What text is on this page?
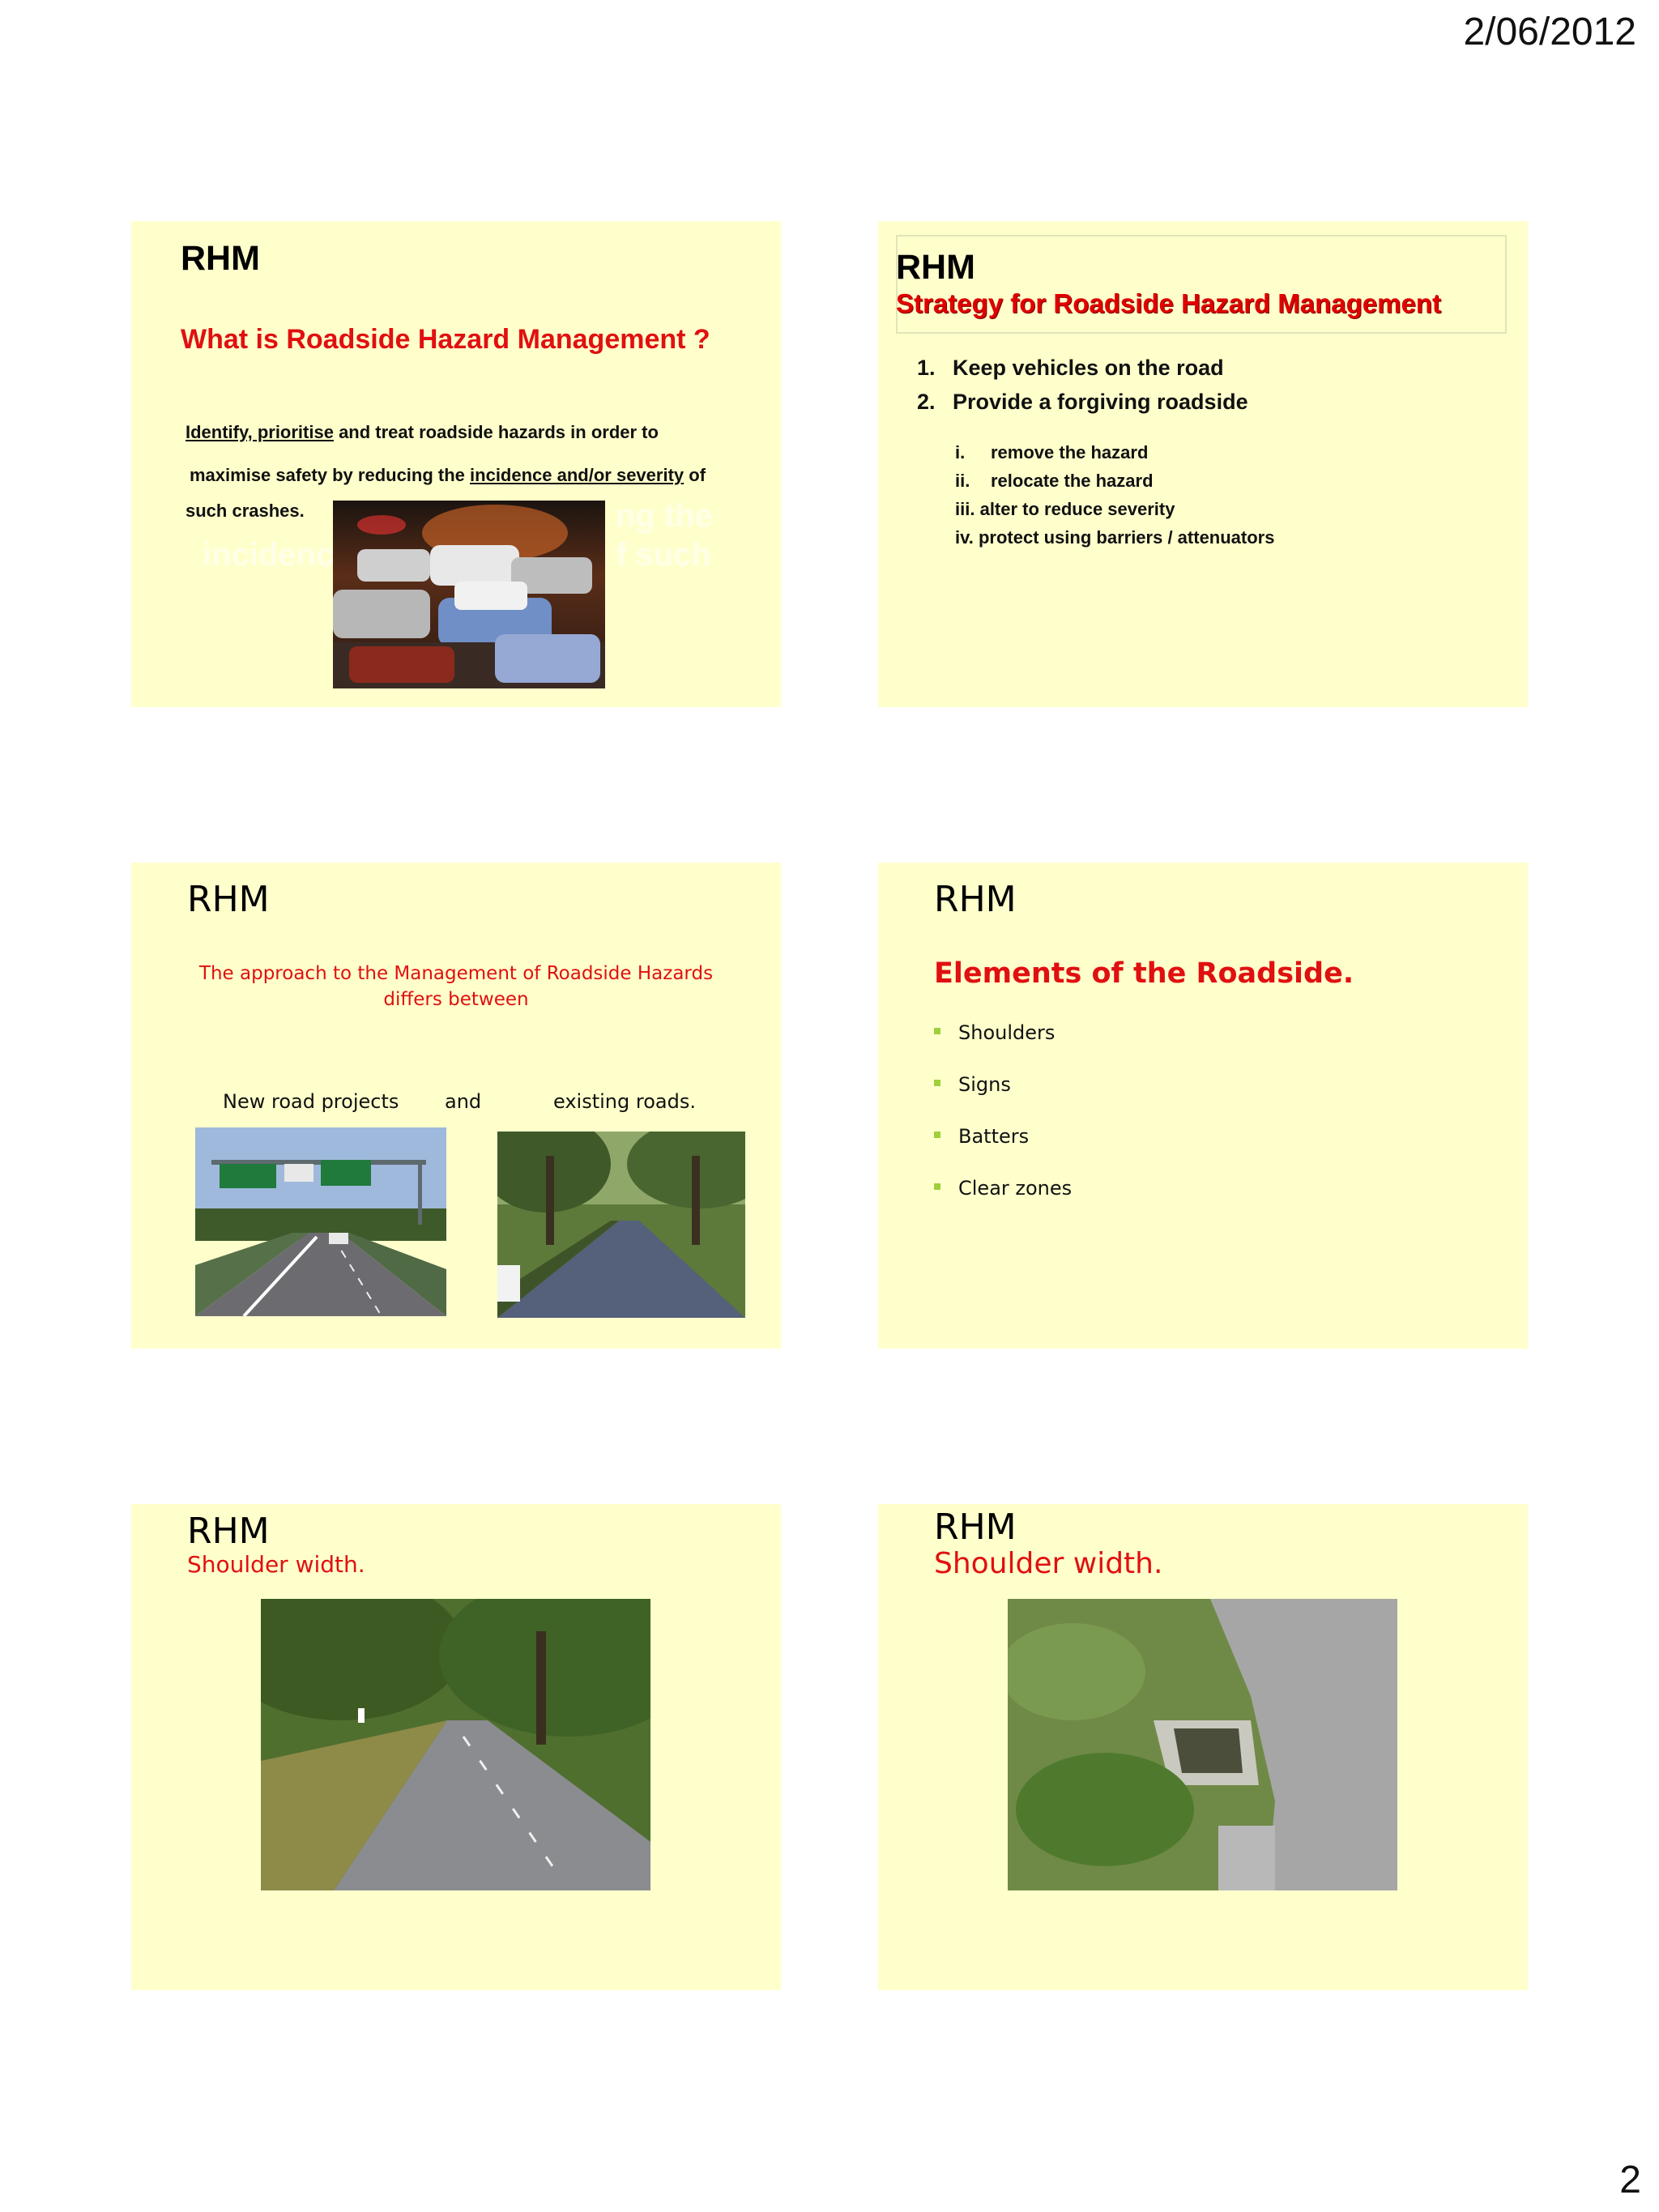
2/06/2012
RHM
What is Roadside Hazard Management ?
Identify, prioritise and treat roadside hazards in order to
maximise safety by reducing the incidence and/or severity of
such crashes.	ng the
incidenc	f such
RHM
Strategy for Roadside Hazard Management
1. Keep vehicles on the road
2. Provide a forgiving roadside
i. remove the hazard
ii. relocate the hazard
iii. alter to reduce severity
iv. protect using barriers / attenuators
RHM
The approach to the Management of Roadside Hazards
differs between
New road projects and	existing roads.
RHM
Elements of the Roadside.
Shoulders
Signs
Batters
Clear zones
RHM
Shoulder width.
RHM
Shoulder width.
2
